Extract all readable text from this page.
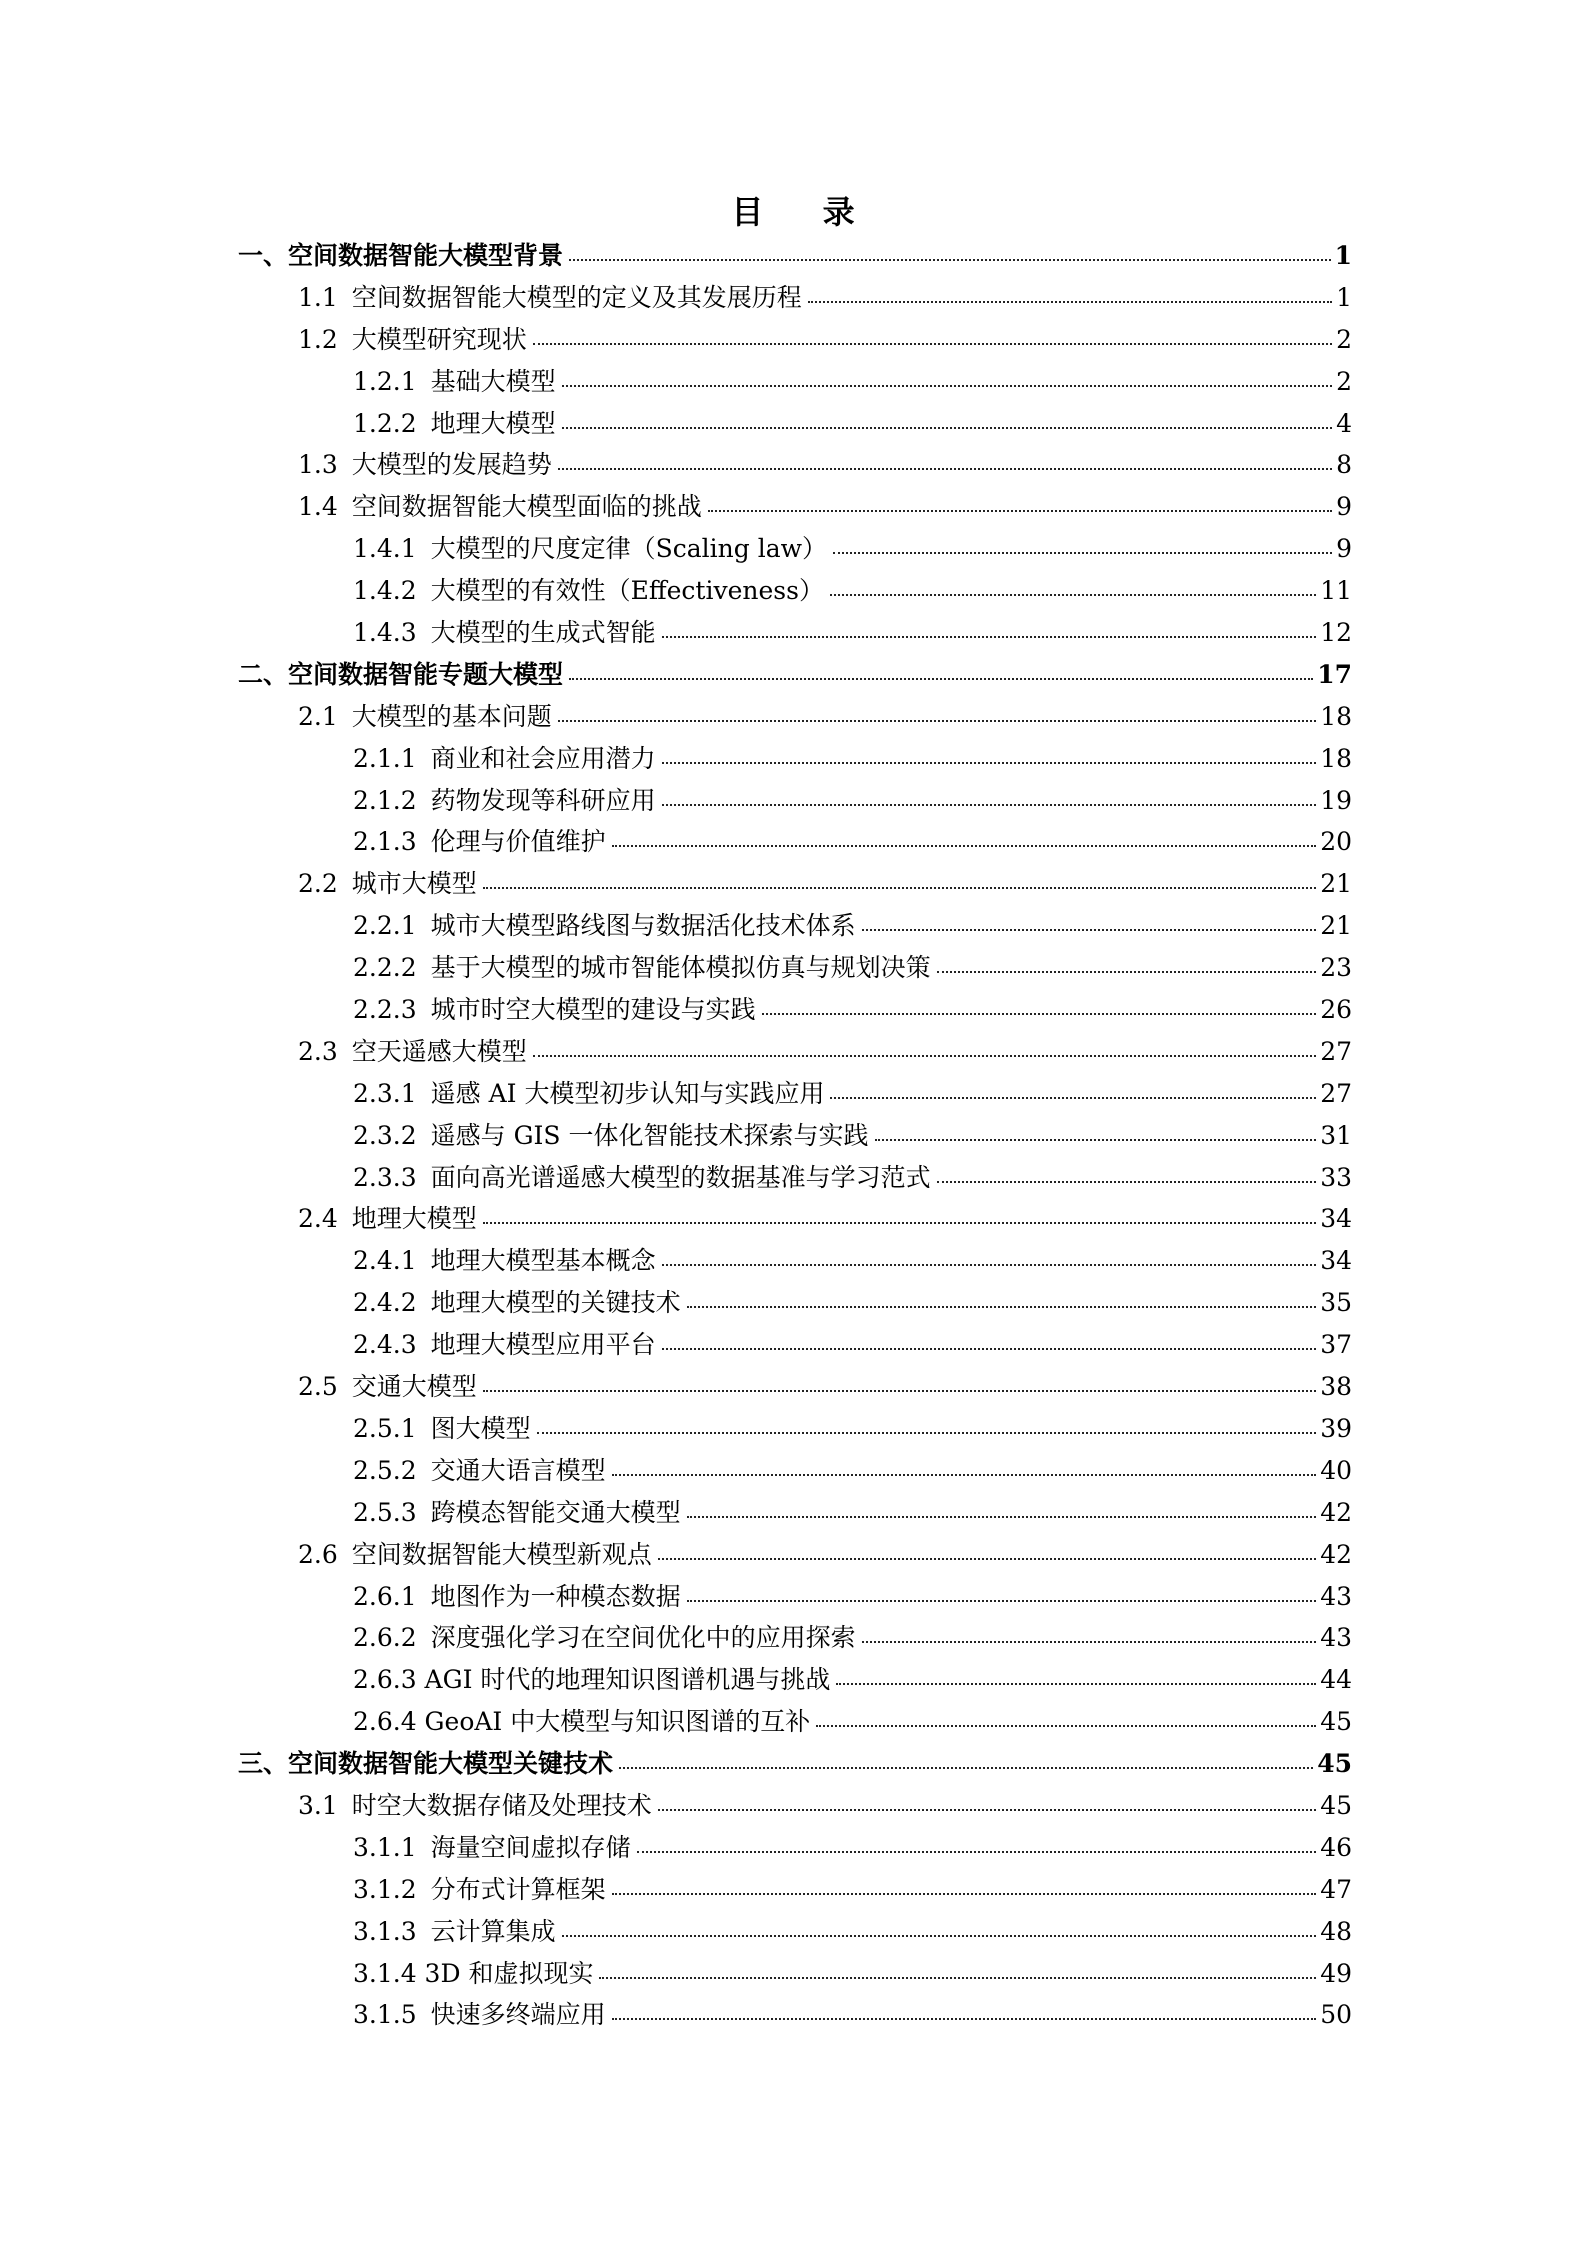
目 录
一、空间数据智能大模型背景	1
1.1 空间数据智能大模型的定义及其发展历程	1
1.2 大模型研究现状	2
1.2.1 基础大模型	2
1.2.2 地理大模型	4
1.3 大模型的发展趋势	8
1.4 空间数据智能大模型面临的挑战	9
1.4.1 大模型的尺度定律（Scaling law）	9
1.4.2 大模型的有效性（Effectiveness）	11
1.4.3 大模型的生成式智能	12
二、空间数据智能专题大模型	17
2.1 大模型的基本问题	18
2.1.1 商业和社会应用潜力	18
2.1.2 药物发现等科研应用	19
2.1.3 伦理与价值维护	20
2.2 城市大模型	21
2.2.1 城市大模型路线图与数据活化技术体系	21
2.2.2 基于大模型的城市智能体模拟仿真与规划决策	23
2.2.3 城市时空大模型的建设与实践	26
2.3 空天遥感大模型	27
2.3.1 遥感 AI 大模型初步认知与实践应用	27
2.3.2 遥感与 GIS 一体化智能技术探索与实践	31
2.3.3 面向高光谱遥感大模型的数据基准与学习范式	33
2.4 地理大模型	34
2.4.1 地理大模型基本概念	34
2.4.2 地理大模型的关键技术	35
2.4.3 地理大模型应用平台	37
2.5 交通大模型	38
2.5.1 图大模型	39
2.5.2 交通大语言模型	40
2.5.3 跨模态智能交通大模型	42
2.6 空间数据智能大模型新观点	42
2.6.1 地图作为一种模态数据	43
2.6.2 深度强化学习在空间优化中的应用探索	43
2.6.3 AGI 时代的地理知识图谱机遇与挑战	44
2.6.4 GeoAI 中大模型与知识图谱的互补	45
三、空间数据智能大模型关键技术	45
3.1 时空大数据存储及处理技术	45
3.1.1 海量空间虚拟存储	46
3.1.2 分布式计算框架	47
3.1.3 云计算集成	48
3.1.4 3D 和虚拟现实	49
3.1.5 快速多终端应用	50
